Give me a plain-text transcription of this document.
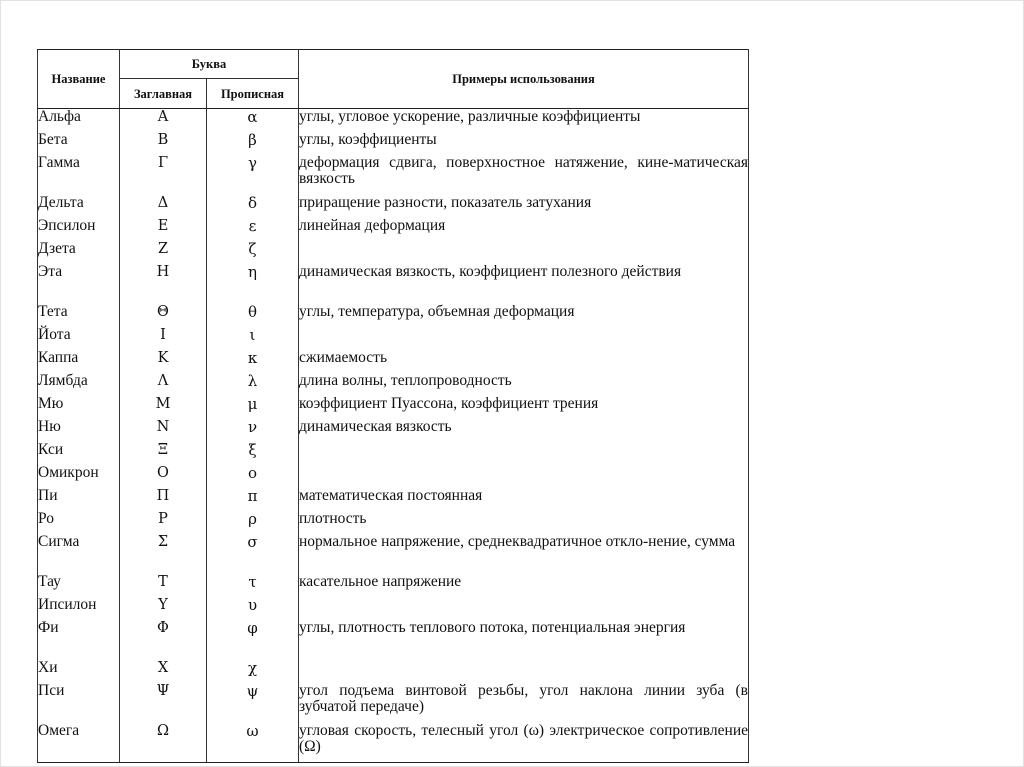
Название	Буква		Примеры использования
	Заглавная	Прописная	
Альфа	Α	α	углы, угловое ускорение, различные коэффициенты
Бета	Β	β	углы, коэффициенты
Гамма	Γ	γ	деформация сдвига, поверхностное натяжение, кине-матическая вязкость
Дельта	Δ	δ	приращение разности, показатель затухания
Эпсилон	Ε	ε	линейная деформация
Дзета	Ζ	ζ	
Эта	Η	η	динамическая вязкость, коэффициент полезного действия
Тета	Θ	θ	углы, температура, объемная деформация
Йота	Ι	ι	
Каппа	Κ	κ	сжимаемость
Лямбда	Λ	λ	длина волны, теплопроводность
Мю	Μ	μ	коэффициент Пуассона, коэффициент трения
Ню	Ν	ν	динамическая вязкость
Кси	Ξ	ξ	
Омикрон	Ο	ο	
Пи	Π	π	математическая постоянная
Ро	Ρ	ρ	плотность
Сигма	Σ	σ	нормальное напряжение, среднеквадратичное откло-нение, сумма
Тау	Τ	τ	касательное напряжение
Ипсилон	Υ	υ	
Фи	Φ	φ	углы, плотность теплового потока, потенциальная энергия
Хи	Χ	χ	
Пси	Ψ	ψ	угол подъема винтовой резьбы, угол наклона линии зуба (в зубчатой передаче)
Омега	Ω	ω	угловая скорость, телесный угол (ω) электрическое сопротивление (Ω)
